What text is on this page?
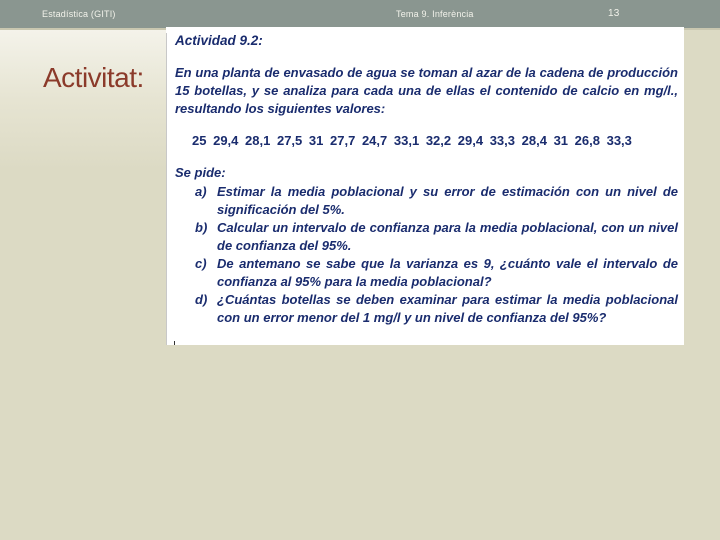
Estadística (GITI)	Tema 9. Inferència	13
Activitat:
Actividad 9.2:

En una planta de envasado de agua se toman al azar de la cadena de producción 15 botellas, y se analiza para cada una de ellas el contenido de calcio en mg/l., resultando los siguientes valores:

25 29,4 28,1 27,5 31 27,7 24,7 33,1 32,2 29,4 33,3 28,4 31 26,8 33,3
Se pide:
a) Estimar la media poblacional y su error de estimación con un nivel de significación del 5%.
b) Calcular un intervalo de confianza para la media poblacional, con un nivel de confianza del 95%.
c) De antemano se sabe que la varianza es 9, ¿cuánto vale el intervalo de confianza al 95% para la media poblacional?
d) ¿Cuántas botellas se deben examinar para estimar la media poblacional con un error menor del 1 mg/l y un nivel de confianza del 95%?
